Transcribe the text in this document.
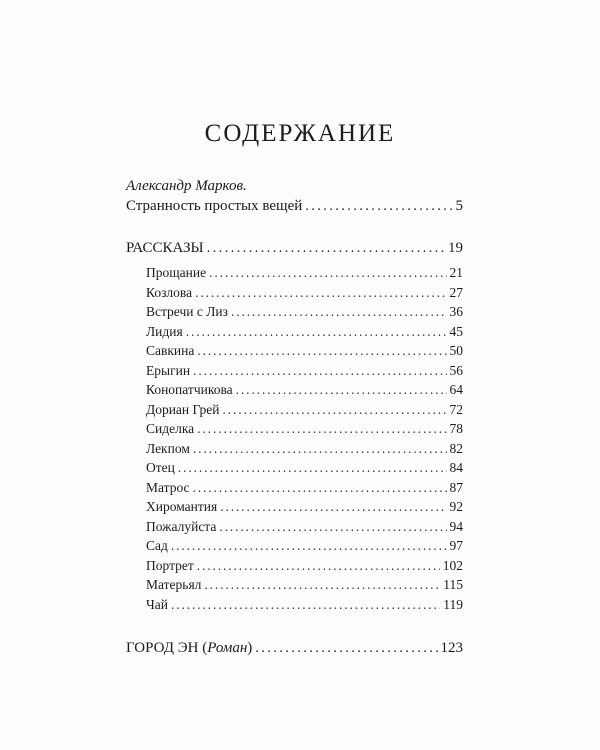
СОДЕРЖАНИЕ
Александр Марков.
Странность простых вещей . . .	5
РАССКАЗЫ . . .	19
Прощание . . .	21
Козлова . . .	27
Встречи с Лиз . . .	36
Лидия . . .	45
Савкина . . .	50
Ерыгин . . .	56
Конопатчикова . . .	64
Дориан Грей . . .	72
Сиделка . . .	78
Лекпом . . .	82
Отец . . .	84
Матрос . . .	87
Хиромантия . . .	92
Пожалуйста . . .	94
Сад . . .	97
Портрет . . .	102
Матерьял . . .	115
Чай . . .	119
ГОРОД ЭН (Роман) . . .	123
